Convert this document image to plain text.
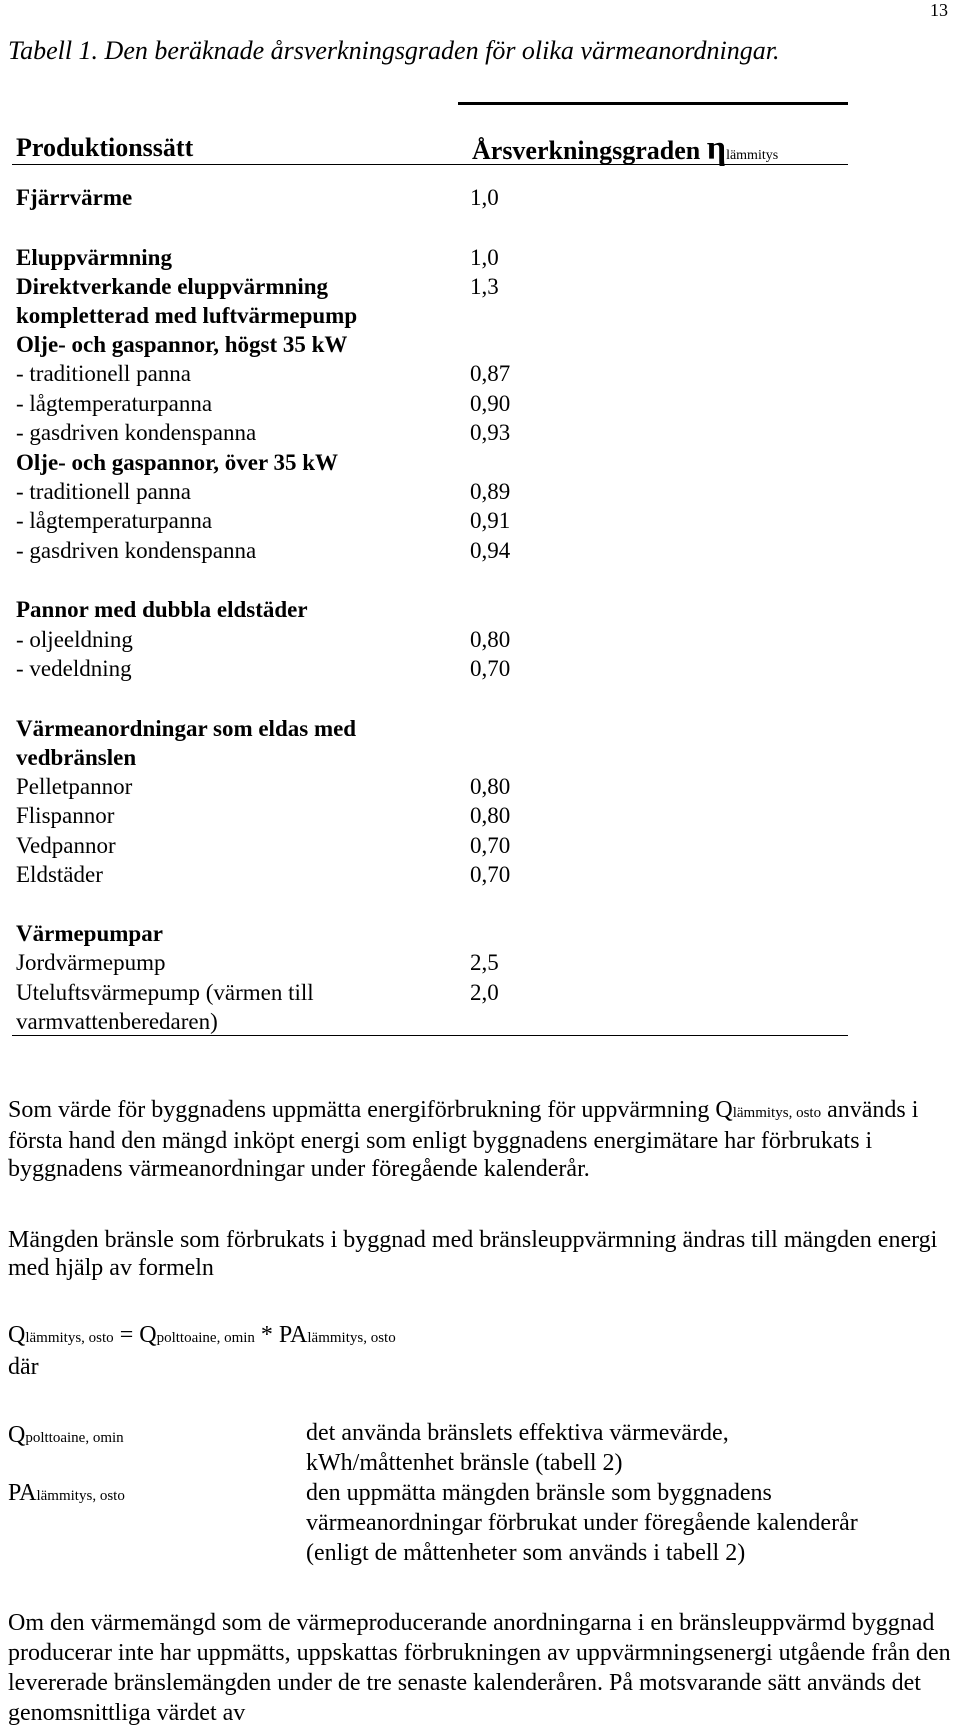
13
Tabell 1. Den beräknade årsverkningsgraden för olika värmeanordningar.
Produktionssätt	Årsverkningsgraden ηlämmitys
Fjärrvärme	1,0
Eluppvärmning	1,0
Direktverkande eluppvärmning	1,3
kompletterad med luftvärmepump
Olje- och gaspannor, högst 35 kW
- traditionell panna	0,87
- lågtemperaturpanna	0,90
- gasdriven kondenspanna	0,93
Olje- och gaspannor, över 35 kW
- traditionell panna	0,89
- lågtemperaturpanna	0,91
- gasdriven kondenspanna	0,94
Pannor med dubbla eldstäder
- oljeeldning	0,80
- vedeldning	0,70
Värmeanordningar som eldas med
vedbränslen
Pelletpannor	0,80
Flispannor	0,80
Vedpannor	0,70
Eldstäder	0,70
Värmepumpar
Jordvärmepump	2,5
Uteluftsvärmepump (värmen till	2,0
varmvattenberedaren)
Som värde för byggnadens uppmätta energiförbrukning för uppvärmning Qlämmitys, osto används i första hand den mängd inköpt energi som enligt byggnadens energimätare har förbrukats i byggnadens värmeanordningar under föregående kalenderår.
Mängden bränsle som förbrukats i byggnad med bränsleuppvärmning ändras till mängden energi med hjälp av formeln
Qlämmitys, osto = Qpolttoaine, omin * PAlämmitys, osto
där
Qpolttoaine, omin	det använda bränslets effektiva värmevärde,
kWh/måttenhet bränsle (tabell 2)
PAlämmitys, osto	den uppmätta mängden bränsle som byggnadens
värmeanordningar förbrukat under föregående kalenderår
(enligt de måttenheter som används i tabell 2)
Om den värmemängd som de värmeproducerande anordningarna i en bränsleuppvärmd byggnad producerar inte har uppmätts, uppskattas förbrukningen av uppvärmningsenergi utgående från den levererade bränslemängden under de tre senaste kalenderåren. På motsvarande sätt används det genomsnittliga värdet av
